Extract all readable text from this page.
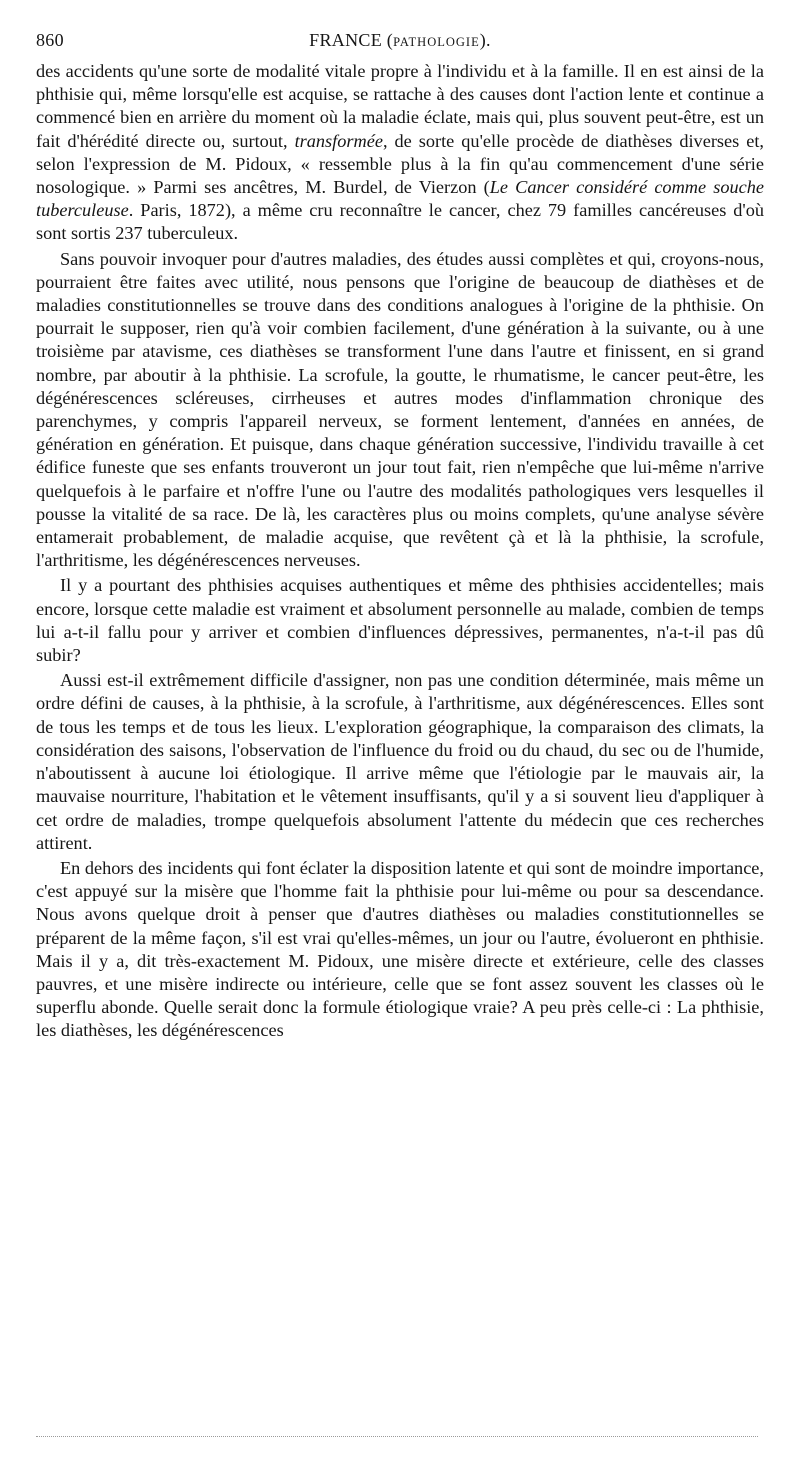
860	FRANCE (PATHOLOGIE).

des accidents qu'une sorte de modalité vitale propre à l'individu et à la famille. Il en est ainsi de la phthisie qui, même lorsqu'elle est acquise, se rattache à des causes dont l'action lente et continue a commencé bien en arrière du moment où la maladie éclate, mais qui, plus souvent peut-être, est un fait d'hérédité directe ou, surtout, transformée, de sorte qu'elle procède de diathèses diverses et, selon l'expression de M. Pidoux, « ressemble plus à la fin qu'au commencement d'une série nosologique. » Parmi ses ancêtres, M. Burdel, de Vierzon (Le Cancer considéré comme souche tuberculeuse. Paris, 1872), a même cru reconnaître le cancer, chez 79 familles cancéreuses d'où sont sortis 237 tuberculeux.

Sans pouvoir invoquer pour d'autres maladies, des études aussi complètes et qui, croyons-nous, pourraient être faites avec utilité, nous pensons que l'origine de beaucoup de diathèses et de maladies constitutionnelles se trouve dans des conditions analogues à l'origine de la phthisie. On pourrait le supposer, rien qu'à voir combien facilement, d'une génération à la suivante, ou à une troisième par atavisme, ces diathèses se transforment l'une dans l'autre et finissent, en si grand nombre, par aboutir à la phthisie. La scrofule, la goutte, le rhumatisme, le cancer peut-être, les dégénérescences scléreuses, cirrheuses et autres modes d'inflammation chronique des parenchymes, y compris l'appareil nerveux, se forment lentement, d'années en années, de génération en génération. Et puisque, dans chaque génération successive, l'individu travaille à cet édifice funeste que ses enfants trouveront un jour tout fait, rien n'empêche que lui-même n'arrive quelquefois à le parfaire et n'offre l'une ou l'autre des modalités pathologiques vers lesquelles il pousse la vitalité de sa race. De là, les caractères plus ou moins complets, qu'une analyse sévère entamerait probablement, de maladie acquise, que revêtent çà et là la phthisie, la scrofule, l'arthritisme, les dégénérescences nerveuses.

Il y a pourtant des phthisies acquises authentiques et même des phthisies accidentelles; mais encore, lorsque cette maladie est vraiment et absolument personnelle au malade, combien de temps lui a-t-il fallu pour y arriver et combien d'influences dépressives, permanentes, n'a-t-il pas dû subir?

Aussi est-il extrêmement difficile d'assigner, non pas une condition déterminée, mais même un ordre défini de causes, à la phthisie, à la scrofule, à l'arthritisme, aux dégénérescences. Elles sont de tous les temps et de tous les lieux. L'exploration géographique, la comparaison des climats, la considération des saisons, l'observation de l'influence du froid ou du chaud, du sec ou de l'humide, n'aboutissent à aucune loi étiologique. Il arrive même que l'étiologie par le mauvais air, la mauvaise nourriture, l'habitation et le vêtement insuffisants, qu'il y a si souvent lieu d'appliquer à cet ordre de maladies, trompe quelquefois absolument l'attente du médecin que ces recherches attirent.

En dehors des incidents qui font éclater la disposition latente et qui sont de moindre importance, c'est appuyé sur la misère que l'homme fait la phthisie pour lui-même ou pour sa descendance. Nous avons quelque droit à penser que d'autres diathèses ou maladies constitutionnelles se préparent de la même façon, s'il est vrai qu'elles-mêmes, un jour ou l'autre, évolueront en phthisie. Mais il y a, dit très-exactement M. Pidoux, une misère directe et extérieure, celle des classes pauvres, et une misère indirecte ou intérieure, celle que se font assez souvent les classes où le superflu abonde. Quelle serait donc la formule étiologique vraie? A peu près celle-ci : La phthisie, les diathèses, les dégénérescences
